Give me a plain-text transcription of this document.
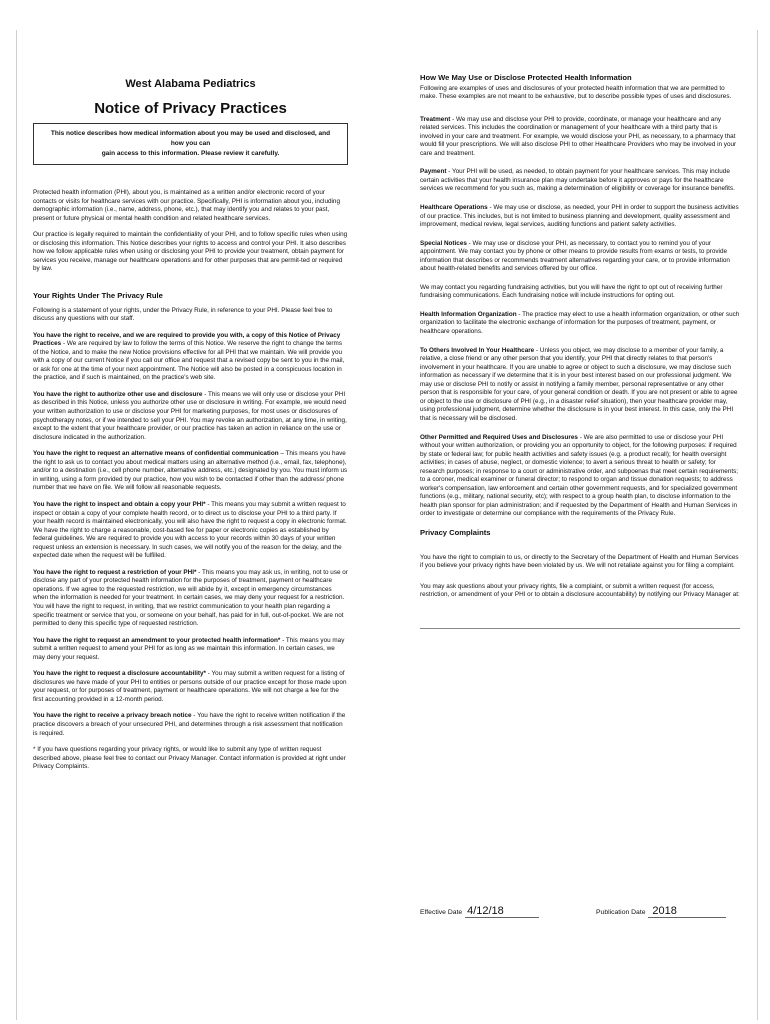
West Alabama Pediatrics
Notice of Privacy Practices
This notice describes how medical information about you may be used and disclosed, and how you can
gain access to this information. Please review it carefully.

Protected health information (PHI), about you, is maintained as a written and/or electronic record of your contacts or visits for healthcare services with our practice. Specifically, PHI is information about you, including demographic information (i.e., name, address, phone, etc.), that may identify you and relates to your past, present or future physical or mental health condition and related healthcare services.

Our practice is legally required to maintain the confidentiality of your PHI, and to follow specific rules when using or disclosing this information. This Notice describes your rights to access and control your PHI. It also describes how we follow applicable rules when using or disclosing your PHI to provide your treatment, obtain payment for services you receive, manage our healthcare operations and for other purposes that are permit-ted or required by law.

Your Rights Under The Privacy Rule

Following is a statement of your rights, under the Privacy Rule, in reference to your PHI. Please feel free to discuss any questions with our staff.

You have the right to receive, and we are required to provide you with, a copy of this Notice of Privacy Practices - We are required by law to follow the terms of this Notice. We reserve the right to change the terms of the Notice, and to make the new Notice provisions effective for all PHI that we maintain. We will provide you with a copy of our current Notice if you call our office and request that a revised copy be sent to you in the mail, or ask for one at the time of your next appointment. The Notice will also be posted in a conspicuous location in the practice, and if such is maintained, on the practice's web site.

You have the right to authorize other use and disclosure - This means we will only use or disclose your PHI as described in this Notice, unless you authorize other use or disclosure in writing. For example, we would need your written authorization to use or disclose your PHI for marketing purposes, for most uses or disclosures of psychotherapy notes, or if we intended to sell your PHI. You may revoke an authorization, at any time, in writing, except to the extent that your healthcare provider, or our practice has taken an action in reliance on the use or disclosure indicated in the authorization.

You have the right to request an alternative means of confidential communication – This means you have the right to ask us to contact you about medical matters using an alternative method (i.e., email, fax, telephone), and/or to a destination (i.e., cell phone number, alternative address, etc.) designated by you. You must inform us in writing, using a form provided by our practice, how you wish to be contacted if other than the address/ phone number that we have on file. We will follow all reasonable requests.

You have the right to inspect and obtain a copy your PHI* - This means you may submit a written request to inspect or obtain a copy of your complete health record, or to direct us to disclose your PHI to a third party. If your health record is maintained electronically, you will also have the right to request a copy in electronic format. We have the right to charge a reasonable, cost-based fee for paper or electronic copies as established by federal guidelines. We are required to provide you with access to your records within 30 days of your written request unless an extension is necessary. In such cases, we will notify you of the reason for the delay, and the expected date when the request will be fulfilled.

You have the right to request a restriction of your PHI* - This means you may ask us, in writing, not to use or disclose any part of your protected health information for the purposes of treatment, payment or healthcare operations. If we agree to the requested restriction, we will abide by it, except in emergency circumstances when the information is needed for your treatment. In certain cases, we may deny your request for a restriction. You will have the right to request, in writing, that we restrict communication to your health plan regarding a specific treatment or service that you, or someone on your behalf, has paid for in full, out-of-pocket. We are not permitted to deny this specific type of requested restriction.

You have the right to request an amendment to your protected health information* - This means you may submit a written request to amend your PHI for as long as we maintain this information. In certain cases, we may deny your request.

You have the right to request a disclosure accountability* - You may submit a written request for a listing of disclosures we have made of your PHI to entities or persons outside of our practice except for those made upon your request, or for purposes of treatment, payment or healthcare operations. We will not charge a fee for the first accounting provided in a 12-month period.

You have the right to receive a privacy breach notice - You have the right to receive written notification if the practice discovers a breach of your unsecured PHI, and determines through a risk assessment that notification is required.

* If you have questions regarding your privacy rights, or would like to submit any type of written request described above, please feel free to contact our Privacy Manager. Contact information is provided at right under Privacy Complaints.

How We May Use or Disclose Protected Health Information

Following are examples of uses and disclosures of your protected health information that we are permitted to make. These examples are not meant to be exhaustive, but to describe possible types of uses and disclosures.

Treatment - We may use and disclose your PHI to provide, coordinate, or manage your healthcare and any related services. This includes the coordination or management of your healthcare with a third party that is involved in your care and treatment. For example, we would disclose your PHI, as necessary, to a pharmacy that would fill your prescriptions. We will also disclose PHI to other Healthcare Providers who may be involved in your care and treatment.

Payment - Your PHI will be used, as needed, to obtain payment for your healthcare services. This may include certain activities that your health insurance plan may undertake before it approves or pays for the healthcare services we recommend for you such as, making a determination of eligibility or coverage for insurance benefits.

Healthcare Operations - We may use or disclose, as needed, your PHI in order to support the business activities of our practice. This includes, but is not limited to business planning and development, quality assessment and improvement, medical review, legal services, auditing functions and patient safety activities.

Special Notices - We may use or disclose your PHI, as necessary, to contact you to remind you of your appointment. We may contact you by phone or other means to provide results from exams or tests, to provide information that describes or recommends treatment alternatives regarding your care, or to provide information about health-related benefits and services offered by our office.

We may contact you regarding fundraising activities, but you will have the right to opt out of receiving further fundraising communications. Each fundraising notice will include instructions for opting out.

Health Information Organization - The practice may elect to use a health information organization, or other such organization to facilitate the electronic exchange of information for the purposes of treatment, payment, or healthcare operations.

To Others Involved In Your Healthcare - Unless you object, we may disclose to a member of your family, a relative, a close friend or any other person that you identify, your PHI that directly relates to that person's involvement in your healthcare. If you are unable to agree or object to such a disclosure, we may disclose such information as necessary if we determine that it is in your best interest based on our professional judgment. We may use or disclose PHI to notify or assist in notifying a family member, personal representative or any other person that is responsible for your care, of your general condition or death. If you are not present or able to agree or object to the use or disclosure of PHI (e.g., in a disaster relief situation), then your healthcare provider may, using professional judgment, determine whether the disclosure is in your best interest. In this case, only the PHI that is necessary will be disclosed.

Other Permitted and Required Uses and Disclosures - We are also permitted to use or disclose your PHI without your written authorization, or providing you an opportunity to object, for the following purposes: if required by state or federal law; for public health activities and safety issues (e.g. a product recall); for health oversight activities; in cases of abuse, neglect, or domestic violence; to avert a serious threat to health or safety; for research purposes; in response to a court or administrative order, and subpoenas that meet certain requirements; to a coroner, medical examiner or funeral director; to respond to organ and tissue donation requests; to address worker's compensation, law enforcement and certain other government requests, and for specialized government functions (e.g., military, national security, etc); with respect to a group health plan, to disclose information to the health plan sponsor for plan administration; and if requested by the Department of Health and Human Services in order to investigate or determine our compliance with the requirements of the Privacy Rule.

Privacy Complaints

You have the right to complain to us, or directly to the Secretary of the Department of Health and Human Services if you believe your privacy rights have been violated by us. We will not retaliate against you for filing a complaint.

You may ask questions about your privacy rights, file a complaint, or submit a written request (for access, restriction, or amendment of your PHI or to obtain a disclosure accountability) by notifying our Privacy Manager at:

Effective Date 4/12/18	Publication Date 2018
